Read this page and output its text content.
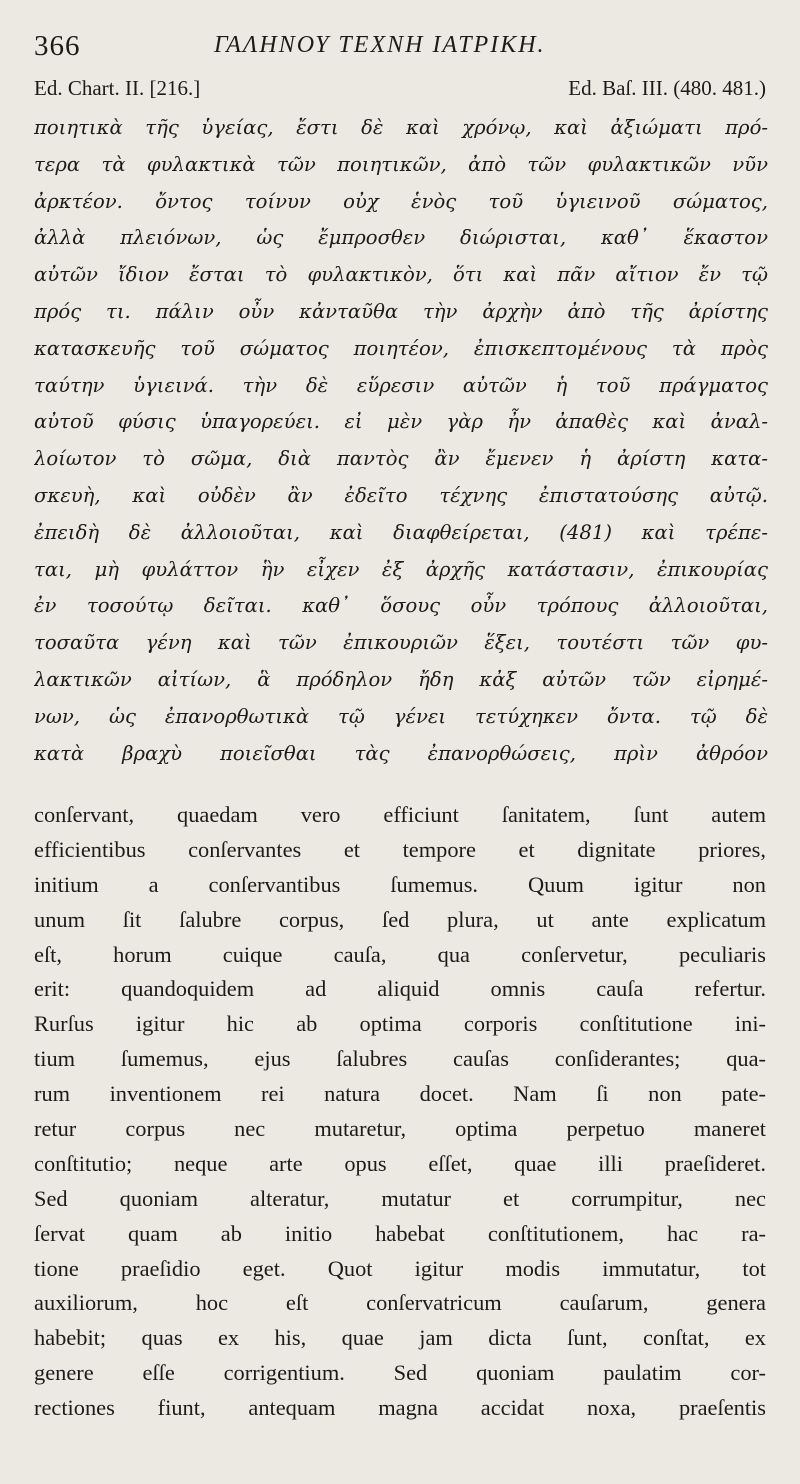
366	ΓΑΛΗΝΟΥ ΤΕΧΝΗ ΙΑΤΡΙΚΗ.
Ed. Chart. II. [216.]	Ed. Baſ. III. (480. 481.)
ποιητικὰ τῆς ὑγείας, ἔστι δὲ καὶ χρόνῳ, καὶ ἀξιώματι πρό-
τερα τὰ φυλακτικὰ τῶν ποιητικῶν, ἀπὸ τῶν φυλακτικῶν νῦν
ἀρκτέον. ὄντος τοίνυν οὐχ ἑνὸς τοῦ ὑγιεινοῦ σώματος,
ἀλλὰ πλειόνων, ὡς ἔμπροσθεν διώρισται, καθ᾿ ἕκαστον
αὐτῶν ἴδιον ἔσται τὸ φυλακτικὸν, ὅτι καὶ πᾶν αἴτιον ἔν τῷ
πρός τι. πάλιν οὖν κἀνταῦθα τὴν ἀρχὴν ἀπὸ τῆς ἀρίστης
κατασκευῆς τοῦ σώματος ποιητέον, ἐπισκεπτομένους τὰ πρὸς
ταύτην ὑγιεινά. τὴν δὲ εὕρεσιν αὐτῶν ἡ τοῦ πράγματος
αὐτοῦ φύσις ὑπαγορεύει. εἰ μὲν γὰρ ἦν ἀπαθὲς καὶ ἀναλ-
λοίωτον τὸ σῶμα, διὰ παντὸς ἂν ἔμενεν ἡ ἀρίστη κατα-
σκευὴ, καὶ οὐδὲν ἂν ἐδεῖτο τέχνης ἐπιστατούσης αὐτῷ.
ἐπειδὴ δὲ ἀλλοιοῦται, καὶ διαφθείρεται, (481) καὶ τρέπε-
ται, μὴ φυλάττον ἣν εἶχεν ἐξ ἀρχῆς κατάστασιν, ἐπικουρίας
ἐν τοσούτῳ δεῖται. καθ᾿ ὅσους οὖν τρόπους ἀλλοιοῦται,
τοσαῦτα γένη καὶ τῶν ἐπικουριῶν ἕξει, τουτέστι τῶν φυ-
λακτικῶν αἰτίων, ἃ πρόδηλον ἤδη κἀξ αὐτῶν τῶν εἰρημέ-
νων, ὡς ἐπανορθωτικὰ τῷ γένει τετύχηκεν ὄντα. τῷ δὲ
κατὰ βραχὺ ποιεῖσθαι τὰς ἐπανορθώσεις, πρὶν ἀθρόον
conſervant, quaedam vero efficiunt ſanitatem, ſunt autem
efficientibus conſervantes et tempore et dignitate priores,
initium a conſervantibus ſumemus. Quum igitur non
unum ſit ſalubre corpus, ſed plura, ut ante explicatum
eſt, horum cuique cauſa, qua conſervetur, peculiaris
erit: quandoquidem ad aliquid omnis cauſa refertur.
Rurſus igitur hic ab optima corporis conſtitutione ini-
tium ſumemus, ejus ſalubres cauſas conſiderantes; qua-
rum inventionem rei natura docet. Nam ſi non pate-
retur corpus nec mutaretur, optima perpetuo maneret
conſtitutio; neque arte opus eſſet, quae illi praeſideret.
Sed quoniam alteratur, mutatur et corrumpitur, nec
ſervat quam ab initio habebat conſtitutionem, hac ra-
tione praeſidio eget. Quot igitur modis immutatur, tot
auxiliorum, hoc eſt conſervatricum cauſarum, genera
habebit; quas ex his, quae jam dicta ſunt, conſtat, ex
genere eſſe corrigentium. Sed quoniam paulatim cor-
rectiones fiunt, antequam magna accidat noxa, praeſentis
